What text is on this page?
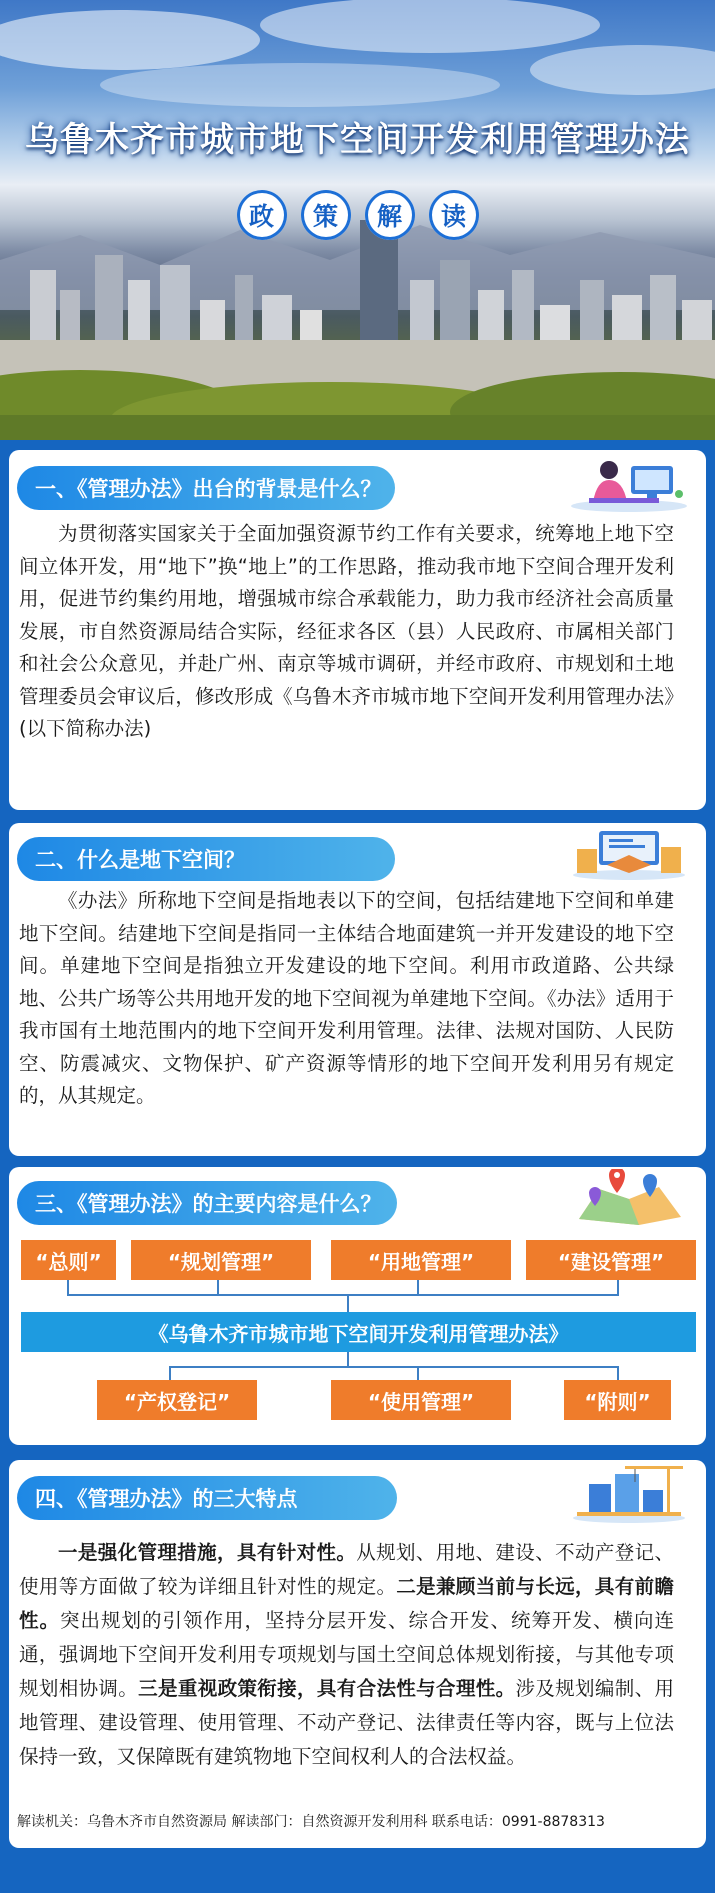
乌鲁木齐市城市地下空间开发利用管理办法
政	策	解	读
一、《管理办法》出台的背景是什么？
为贯彻落实国家关于全面加强资源节约工作有关要求，统筹地上地下空间立体开发，用“地下”换“地上”的工作思路，推动我市地下空间合理开发利用，促进节约集约用地，增强城市综合承载能力，助力我市经济社会高质量发展，市自然资源局结合实际，经征求各区（县）人民政府、市属相关部门和社会公众意见，并赴广州、南京等城市调研，并经市政府、市规划和土地管理委员会审议后，修改形成《乌鲁木齐市城市地下空间开发利用管理办法》(以下简称办法)
二、什么是地下空间？
《办法》所称地下空间是指地表以下的空间，包括结建地下空间和单建地下空间。结建地下空间是指同一主体结合地面建筑一并开发建设的地下空间。单建地下空间是指独立开发建设的地下空间。利用市政道路、公共绿地、公共广场等公共用地开发的地下空间视为单建地下空间。《办法》适用于我市国有土地范围内的地下空间开发利用管理。法律、法规对国防、人民防空、防震减灾、文物保护、矿产资源等情形的地下空间开发利用另有规定的，从其规定。
三、《管理办法》的主要内容是什么？
“总则”	“规划管理”	“用地管理”	“建设管理”
《乌鲁木齐市城市地下空间开发利用管理办法》
“产权登记”	“使用管理”	“附则”
四、《管理办法》的三大特点
一是强化管理措施，具有针对性。从规划、用地、建设、不动产登记、使用等方面做了较为详细且针对性的规定。二是兼顾当前与长远，具有前瞻性。突出规划的引领作用，坚持分层开发、综合开发、统筹开发、横向连通，强调地下空间开发利用专项规划与国土空间总体规划衔接，与其他专项规划相协调。三是重视政策衔接，具有合法性与合理性。涉及规划编制、用地管理、建设管理、使用管理、不动产登记、法律责任等内容，既与上位法保持一致，又保障既有建筑物地下空间权利人的合法权益。
解读机关：乌鲁木齐市自然资源局 解读部门：自然资源开发利用科 联系电话：0991-8878313
